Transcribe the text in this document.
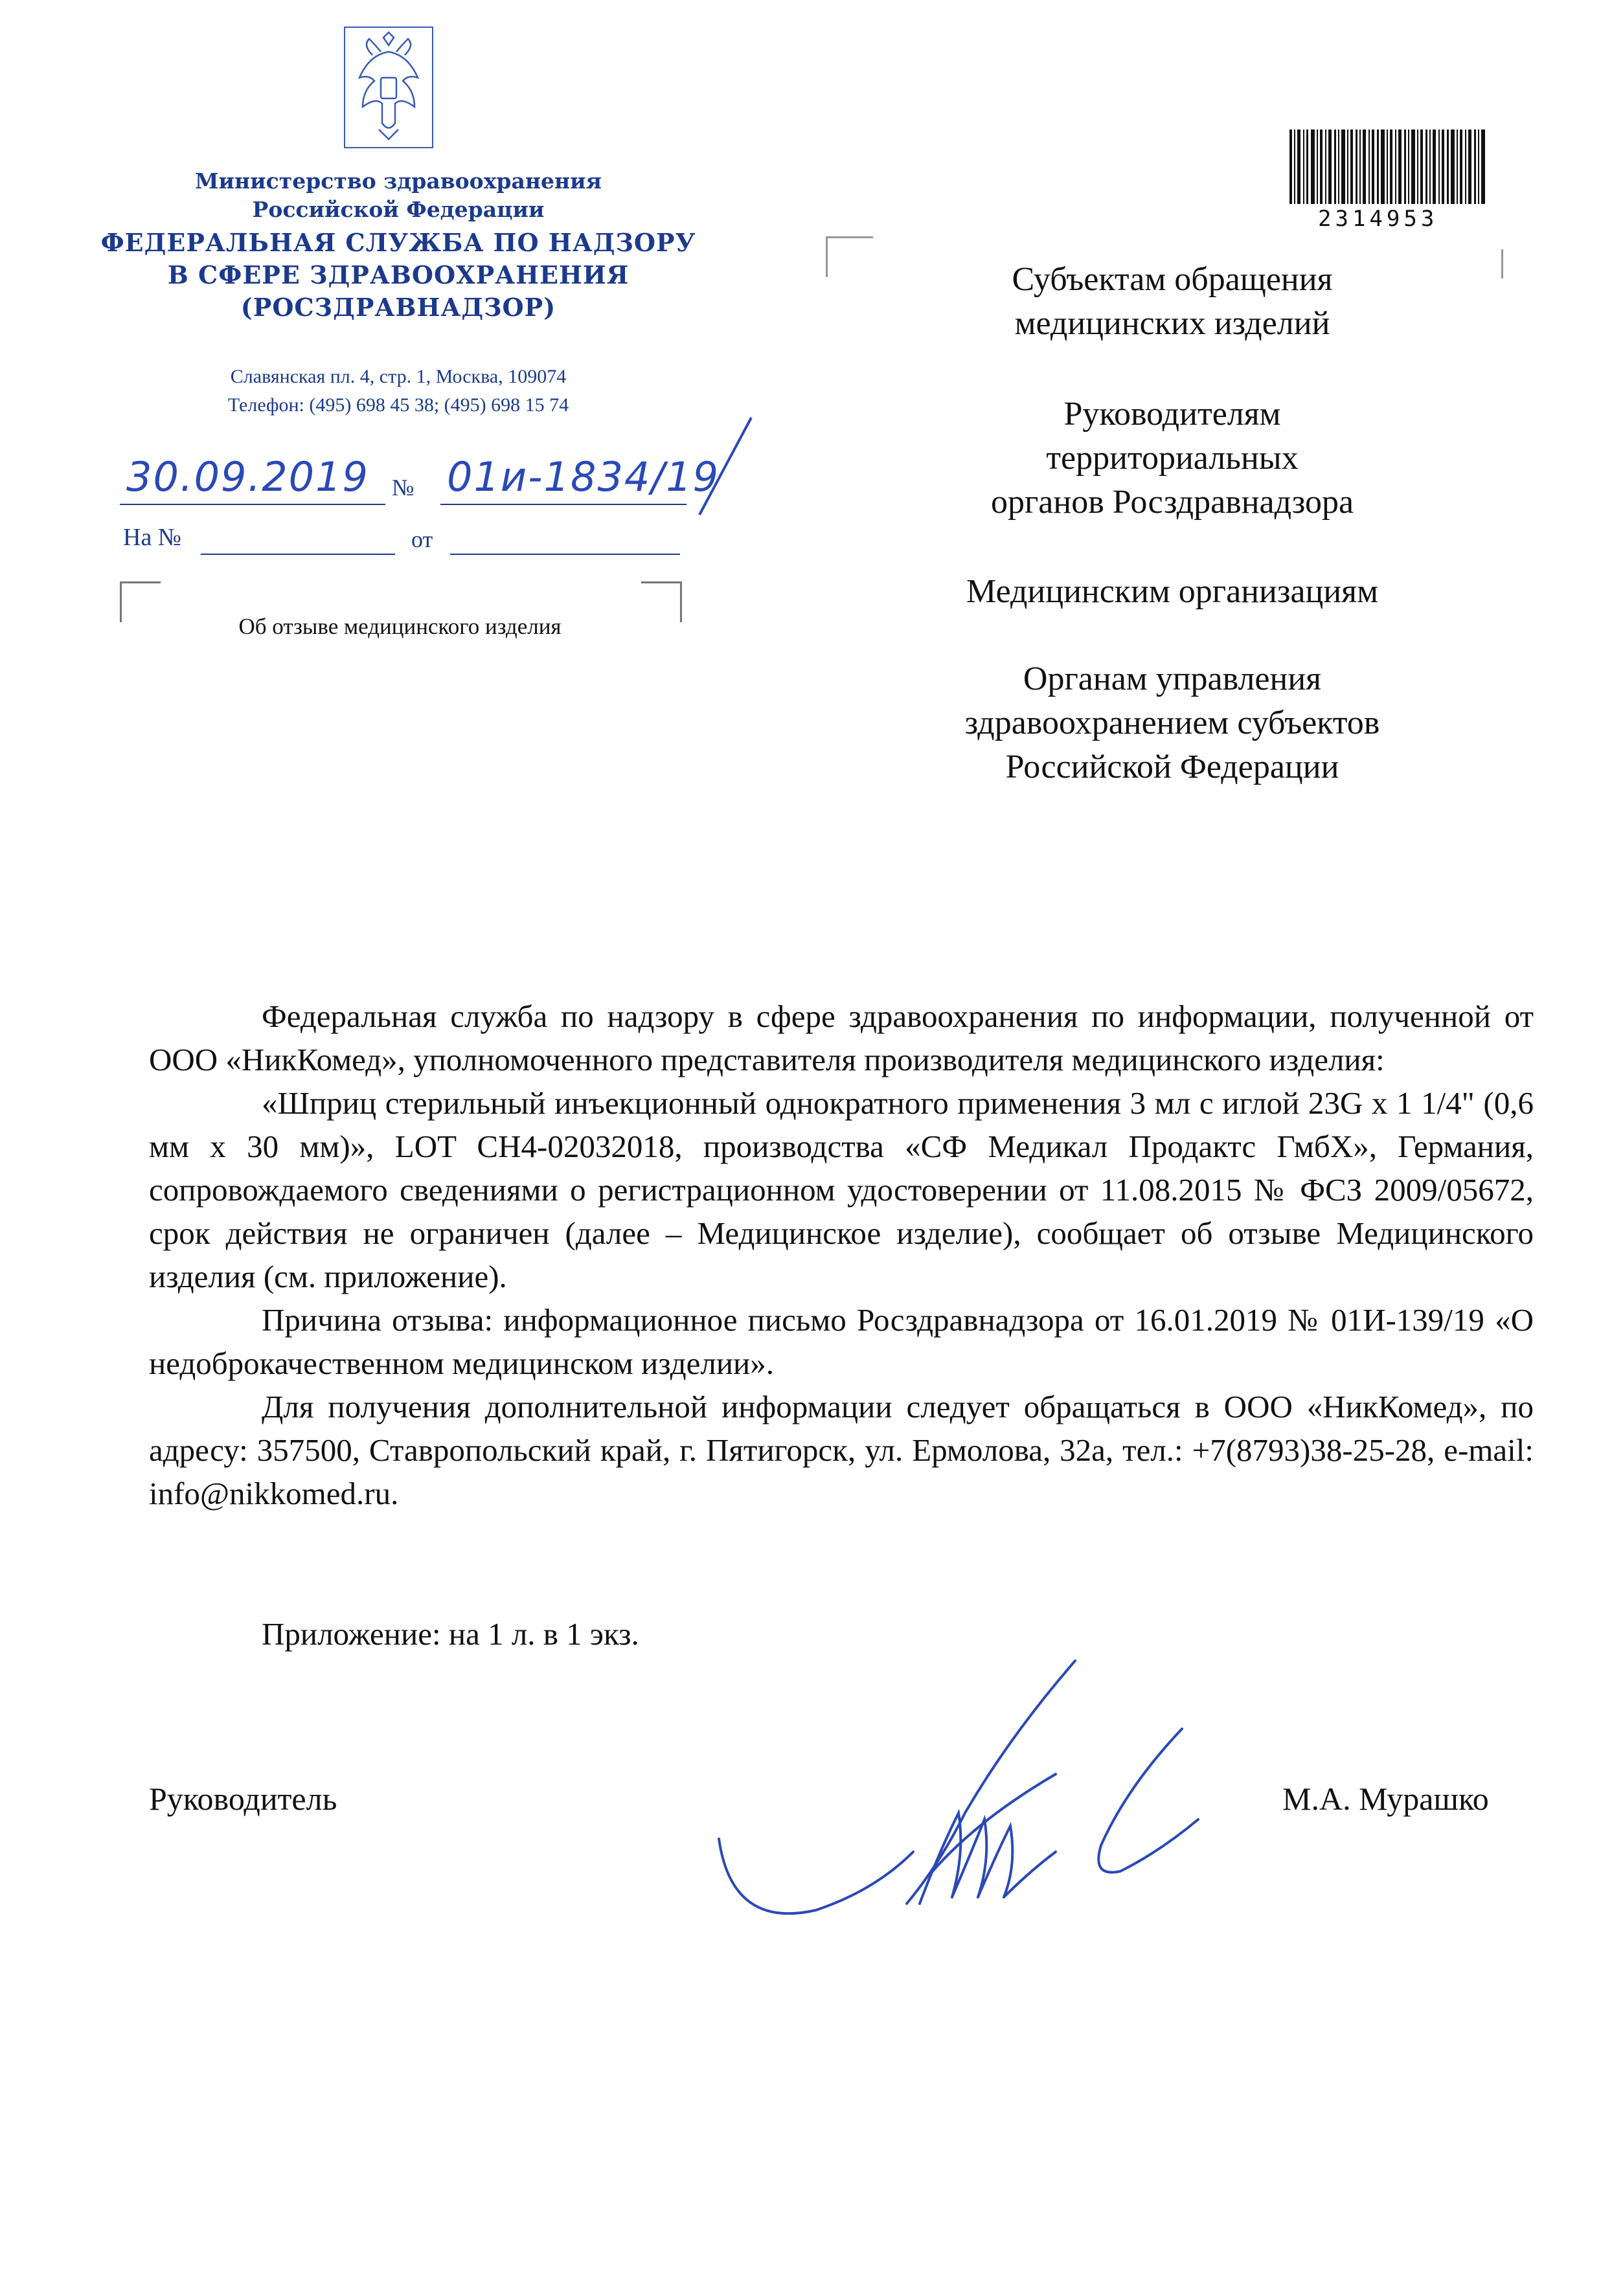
Министерство здравоохранения
Российской Федерации
ФЕДЕРАЛЬНАЯ СЛУЖБА ПО НАДЗОРУ
В СФЕРЕ ЗДРАВООХРАНЕНИЯ
(РОСЗДРАВНАДЗОР)
Славянская пл. 4, стр. 1, Москва, 109074
Телефон: (495) 698 45 38; (495) 698 15 74
30.09.2019 № 01и-1834/19
На №	от
Об отзыве медицинского изделия
2314953
Субъектам обращения
медицинских изделий
Руководителям
территориальных
органов Росздравнадзора
Медицинским организациям
Органам управления
здравоохранением субъектов
Российской Федерации

Федеральная служба по надзору в сфере здравоохранения по информации, полученной от ООО «НикКомед», уполномоченного представителя производителя медицинского изделия:

«Шприц стерильный инъекционный однократного применения 3 мл с иглой 23G x 1 1/4" (0,6 мм x 30 мм)», LOT CH4-02032018, производства «СФ Медикал Продактс ГмбХ», Германия, сопровождаемого сведениями о регистрационном удостоверении от 11.08.2015 № ФСЗ 2009/05672, срок действия не ограничен (далее – Медицинское изделие), сообщает об отзыве Медицинского изделия (см. приложение).

Причина отзыва: информационное письмо Росздравнадзора от 16.01.2019 № 01И-139/19 «О недоброкачественном медицинском изделии».

Для получения дополнительной информации следует обращаться в ООО «НикКомед», по адресу: 357500, Ставропольский край, г. Пятигорск, ул. Ермолова, 32а, тел.: +7(8793)38-25-28, e-mail: info@nikkomed.ru.

Приложение: на 1 л. в 1 экз.
Руководитель	М.А. Мурашко
